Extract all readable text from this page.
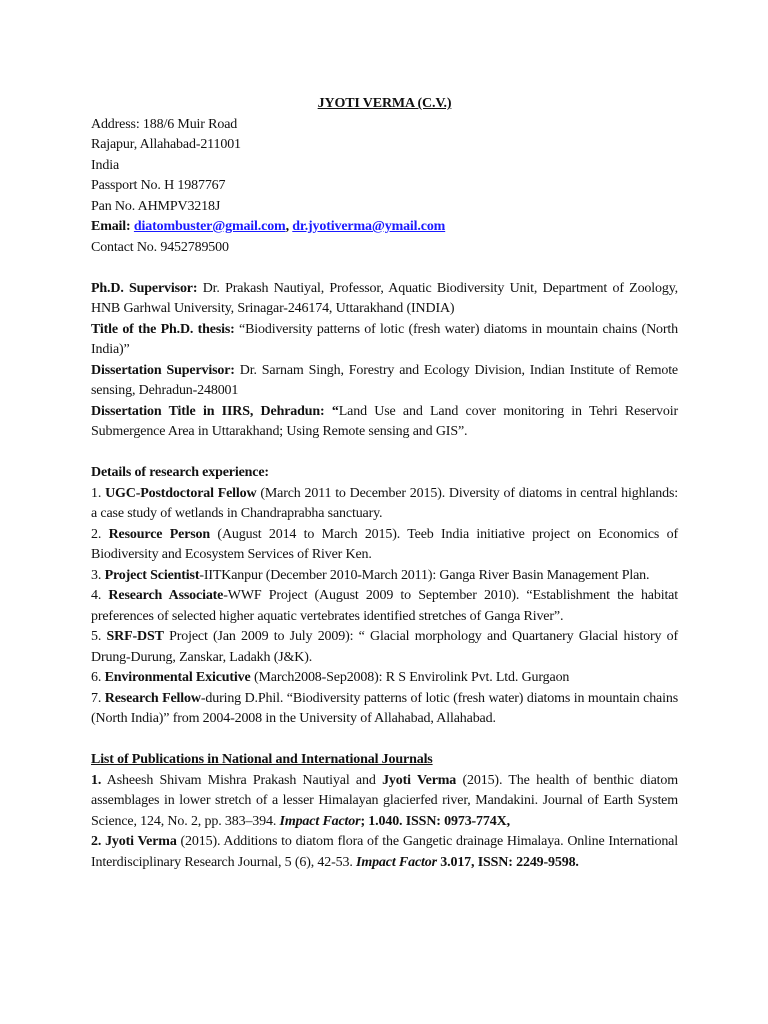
JYOTI VERMA (C.V.)

Address: 188/6 Muir Road

Rajapur, Allahabad-211001

India

Passport No. H 1987767

Pan No. AHMPV3218J

Email: diatombuster@gmail.com, dr.jyotiverma@ymail.com

Contact No. 9452789500

Ph.D. Supervisor: Dr. Prakash Nautiyal, Professor, Aquatic Biodiversity Unit, Department of Zoology, HNB Garhwal University, Srinagar-246174, Uttarakhand (INDIA)

Title of the Ph.D. thesis: “Biodiversity patterns of lotic (fresh water) diatoms in mountain chains (North India)”

Dissertation Supervisor: Dr. Sarnam Singh, Forestry and Ecology Division, Indian Institute of Remote sensing, Dehradun-248001

Dissertation Title in IIRS, Dehradun: “Land Use and Land cover monitoring in Tehri Reservoir Submergence Area in Uttarakhand; Using Remote sensing and GIS”.

Details of research experience:

1. UGC-Postdoctoral Fellow (March 2011 to December 2015). Diversity of diatoms in central highlands: a case study of wetlands in Chandraprabha sanctuary.

2. Resource Person (August 2014 to March 2015). Teeb India initiative project on Economics of Biodiversity and Ecosystem Services of River Ken.

3. Project Scientist-IITKanpur (December 2010-March 2011): Ganga River Basin Management Plan.

4. Research Associate-WWF Project (August 2009 to September 2010). “Establishment the habitat preferences of selected higher aquatic vertebrates identified stretches of Ganga River”.

5. SRF-DST Project (Jan 2009 to July 2009): “ Glacial morphology and Quartanery Glacial history of Drung-Durung, Zanskar, Ladakh (J&K).

6. Environmental Exicutive (March2008-Sep2008): R S Envirolink Pvt. Ltd. Gurgaon

7. Research Fellow-during D.Phil. “Biodiversity patterns of lotic (fresh water) diatoms in mountain chains (North India)” from 2004-2008 in the University of Allahabad, Allahabad.

List of Publications in National and International Journals

1. Asheesh Shivam Mishra Prakash Nautiyal and Jyoti Verma (2015). The health of benthic diatom assemblages in lower stretch of a lesser Himalayan glacierfed river, Mandakini. Journal of Earth System Science, 124, No. 2, pp. 383–394. Impact Factor; 1.040. ISSN: 0973-774X,

2. Jyoti Verma (2015). Additions to diatom flora of the Gangetic drainage Himalaya. Online International Interdisciplinary Research Journal, 5 (6), 42-53. Impact Factor 3.017, ISSN: 2249-9598.
